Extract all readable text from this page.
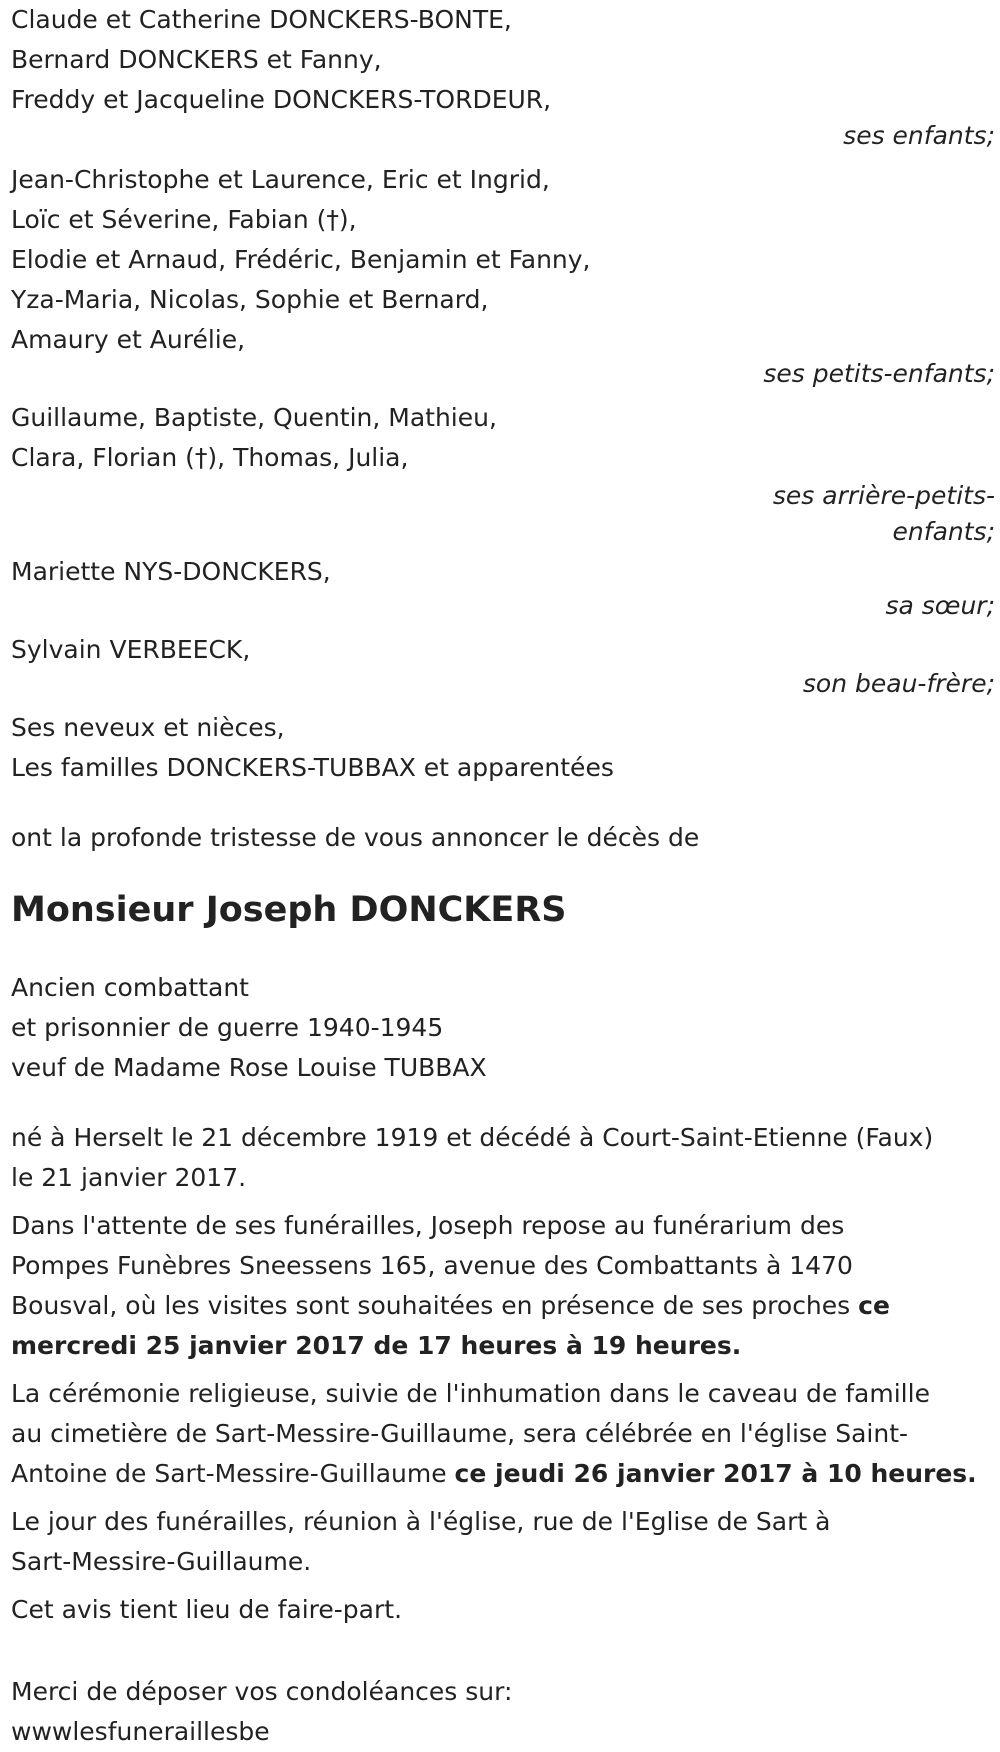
Claude et Catherine DONCKERS-BONTE,
Bernard DONCKERS et Fanny,
Freddy et Jacqueline DONCKERS-TORDEUR,
ses enfants;
Jean-Christophe et Laurence, Eric et Ingrid,
Loïc et Séverine, Fabian (†),
Elodie et Arnaud, Frédéric, Benjamin et Fanny,
Yza-Maria, Nicolas, Sophie et Bernard,
Amaury et Aurélie,
ses petits-enfants;
Guillaume, Baptiste, Quentin, Mathieu,
Clara, Florian (†), Thomas, Julia,
ses arrière-petits-
enfants;
Mariette NYS-DONCKERS,
sa sœur;
Sylvain VERBEECK,
son beau-frère;
Ses neveux et nièces,
Les familles DONCKERS-TUBBAX et apparentées
ont la profonde tristesse de vous annoncer le décès de
Monsieur Joseph DONCKERS
Ancien combattant
et prisonnier de guerre 1940-1945
veuf de Madame Rose Louise TUBBAX
né à Herselt le 21 décembre 1919 et décédé à Court-Saint-Etienne (Faux)
le 21 janvier 2017.
Dans l'attente de ses funérailles, Joseph repose au funérarium des
Pompes Funèbres Sneessens 165, avenue des Combattants à 1470
Bousval, où les visites sont souhaitées en présence de ses proches ce
mercredi 25 janvier 2017 de 17 heures à 19 heures.
La cérémonie religieuse, suivie de l'inhumation dans le caveau de famille
au cimetière de Sart-Messire-Guillaume, sera célébrée en l'église Saint-
Antoine de Sart-Messire-Guillaume ce jeudi 26 janvier 2017 à 10 heures.
Le jour des funérailles, réunion à l'église, rue de l'Eglise de Sart à
Sart-Messire-Guillaume.
Cet avis tient lieu de faire-part.
Merci de déposer vos condoléances sur:
wwwlesfuneraillesbe
